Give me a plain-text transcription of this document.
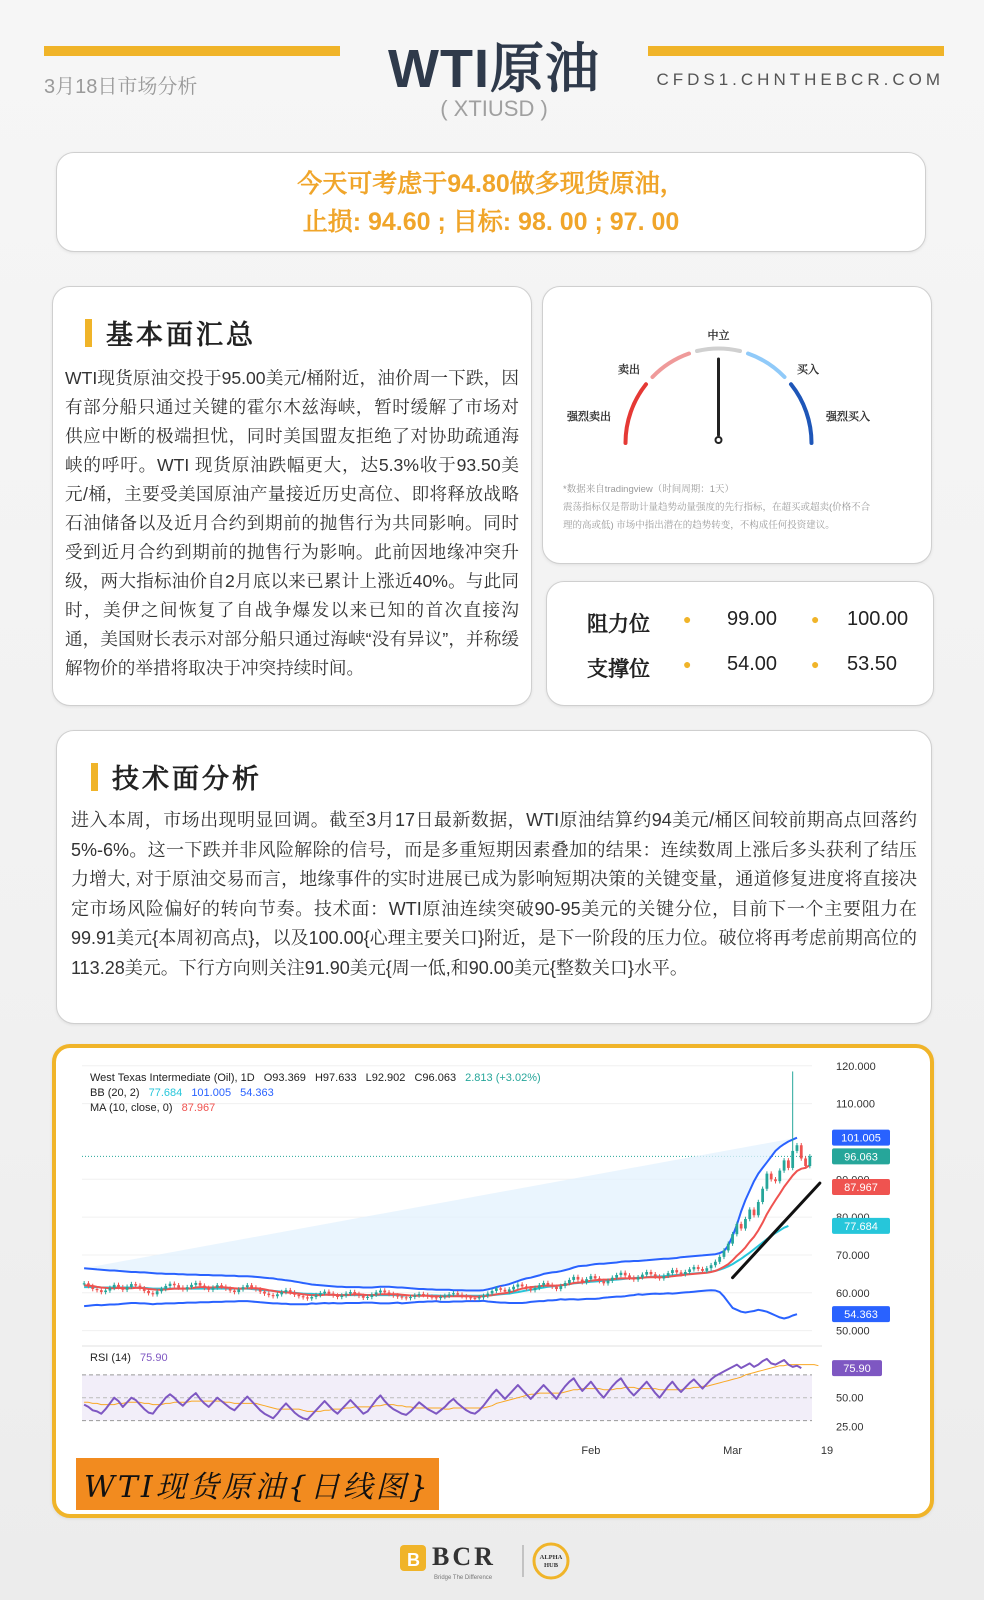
3月18日市场分析	WTI原油
( XTIUSD )
CFDS1.CHNTHEBCR.COM
今天可考虑于94.80做多现货原油，
止损: 94.60 ; 目标: 98. 00 ; 97. 00
基本面汇总
WTI现货原油交投于95.00美元/桶附近，油价周一下跌，因有部分船只通过关键的霍尔木兹海峡，暂时缓解了市场对供应中断的极端担忧，同时美国盟友拒绝了对协助疏通海峡的呼吁。WTI 现货原油跌幅更大，达5.3%收于93.50美元/桶，主要受美国原油产量接近历史高位、即将释放战略石油储备以及近月合约到期前的抛售行为共同影响。同时受到近月合约到期前的抛售行为影响。此前因地缘冲突升级，两大指标油价自2月底以来已累计上涨近40%。与此同时，美伊之间恢复了自战争爆发以来已知的首次直接沟通，美国财长表示对部分船只通过海峡“没有异议”，并称缓解物价的举措将取决于冲突持续时间。
中立
卖出	买入
强烈卖出	强烈买入
0
*数据来自tradingview（时间周期：1天）
震荡指标仅是帮助计量趋势动量强度的先行指标，在超买或超卖(价格不合
理的高或低) 市场中指出潜在的趋势转变，不构成任何投资建议。
阻力位 ● 99.00 ● 100.00
支撑位 ● 54.00 ● 53.50
技术面分析
进入本周，市场出现明显回调。截至3月17日最新数据，WTI原油结算约94美元/桶区间较前期高点回落约5%-6%。这一下跌并非风险解除的信号，而是多重短期因素叠加的结果：连续数周上涨后多头获利了结压力增大, 对于原油交易而言，地缘事件的实时进展已成为影响短期决策的关键变量，通道修复进度将直接决定市场风险偏好的转向节奏。技术面：WTI原油连续突破90-95美元的关键分位，目前下一个主要阻力在99.91美元{本周初高点}，以及100.00{心理主要关口}附近，是下一阶段的压力位。破位将再考虑前期高位的113.28美元。下行方向则关注91.90美元{周一低,和90.00美元{整数关口}水平。
120.000
110.000
70.000
60.000
50.000
50.00
25.00
101.005
96.063
87.967
77.684
54.363
75.90
Feb	Mar	19
West Texas Intermediate (Oil), 1D O93.369 H97.633 L92.902 C96.063 2.813 (+3.02%)
BB (20, 2) 77.684 101.005 54.363
MA (10, close, 0) 87.967
RSI (14) 75.90
WTI现货原油{日线图}
B BCR
Bridge The Difference
ALPHA
HUB
